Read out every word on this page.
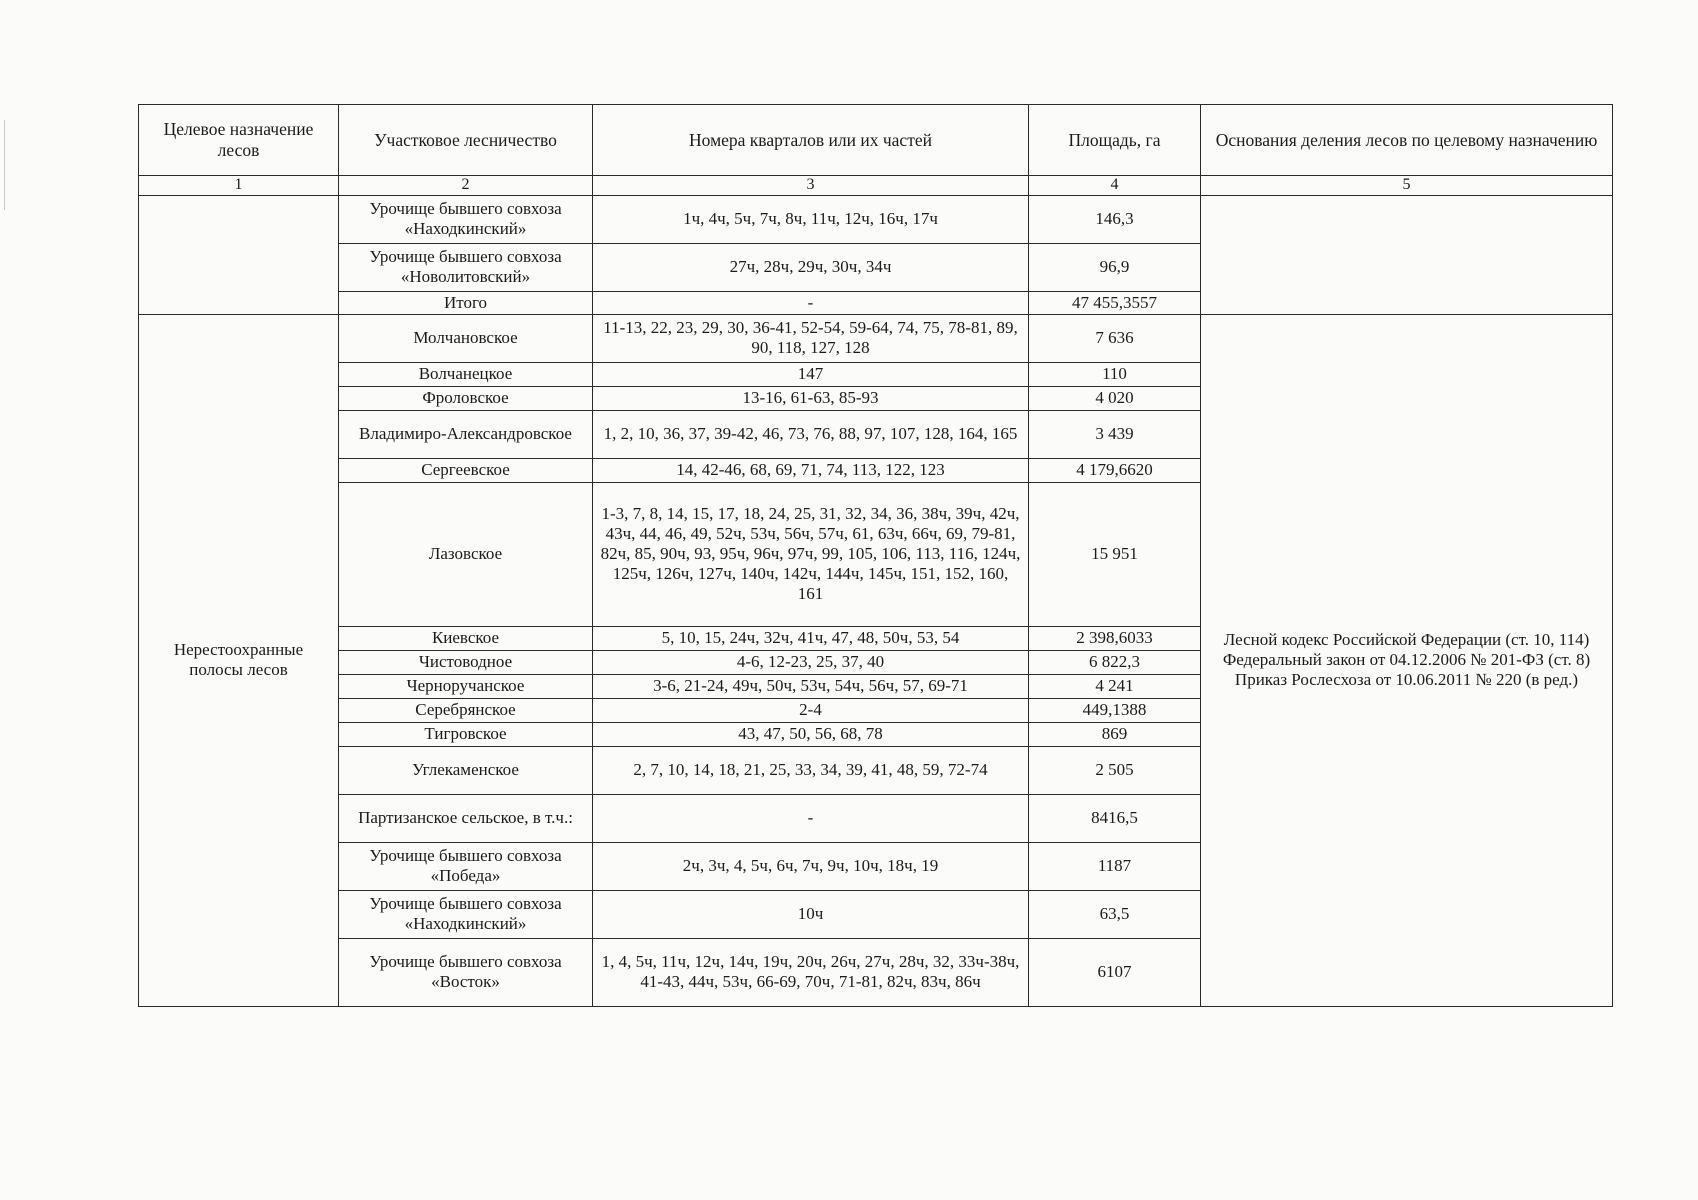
Целевое назначение лесов	Участковое лесничество	Номера кварталов или их частей	Площадь, га	Основания деления лесов по целевому назначению
1	2	3	4	5
	Урочище бывшего совхоза «Находкинский»	1ч, 4ч, 5ч, 7ч, 8ч, 11ч, 12ч, 16ч, 17ч	146,3	
	Урочище бывшего совхоза «Новолитовский»	27ч, 28ч, 29ч, 30ч, 34ч	96,9	
	Итого	-	47 455,3557	
Нерестоохранные полосы лесов	Молчановское	11-13, 22, 23, 29, 30, 36-41, 52-54, 59-64, 74, 75, 78-81, 89, 90, 118, 127, 128	7 636	Лесной кодекс Российской Федерации (ст. 10, 114) Федеральный закон от 04.12.2006 № 201-ФЗ (ст. 8) Приказ Рослесхоза от 10.06.2011 № 220 (в ред.)
	Волчанецкое	147	110	
	Фроловское	13-16, 61-63, 85-93	4 020	
	Владимиро-Александровское	1, 2, 10, 36, 37, 39-42, 46, 73, 76, 88, 97, 107, 128, 164, 165	3 439	
	Сергеевское	14, 42-46, 68, 69, 71, 74, 113, 122, 123	4 179,6620	
	Лазовское	1-3, 7, 8, 14, 15, 17, 18, 24, 25, 31, 32, 34, 36, 38ч, 39ч, 42ч, 43ч, 44, 46, 49, 52ч, 53ч, 56ч, 57ч, 61, 63ч, 66ч, 69, 79-81, 82ч, 85, 90ч, 93, 95ч, 96ч, 97ч, 99, 105, 106, 113, 116, 124ч, 125ч, 126ч, 127ч, 140ч, 142ч, 144ч, 145ч, 151, 152, 160, 161	15 951	
	Киевское	5, 10, 15, 24ч, 32ч, 41ч, 47, 48, 50ч, 53, 54	2 398,6033	
	Чистоводное	4-6, 12-23, 25, 37, 40	6 822,3	
	Черноручанское	3-6, 21-24, 49ч, 50ч, 53ч, 54ч, 56ч, 57, 69-71	4 241	
	Серебрянское	2-4	449,1388	
	Тигровское	43, 47, 50, 56, 68, 78	869	
	Углекаменское	2, 7, 10, 14, 18, 21, 25, 33, 34, 39, 41, 48, 59, 72-74	2 505	
	Партизанское сельское, в т.ч.:	-	8416,5	
	Урочище бывшего совхоза «Победа»	2ч, 3ч, 4, 5ч, 6ч, 7ч, 9ч, 10ч, 18ч, 19	1187	
	Урочище бывшего совхоза «Находкинский»	10ч	63,5	
	Урочище бывшего совхоза «Восток»	1, 4, 5ч, 11ч, 12ч, 14ч, 19ч, 20ч, 26ч, 27ч, 28ч, 32, 33ч-38ч, 41-43, 44ч, 53ч, 66-69, 70ч, 71-81, 82ч, 83ч, 86ч	6107	
